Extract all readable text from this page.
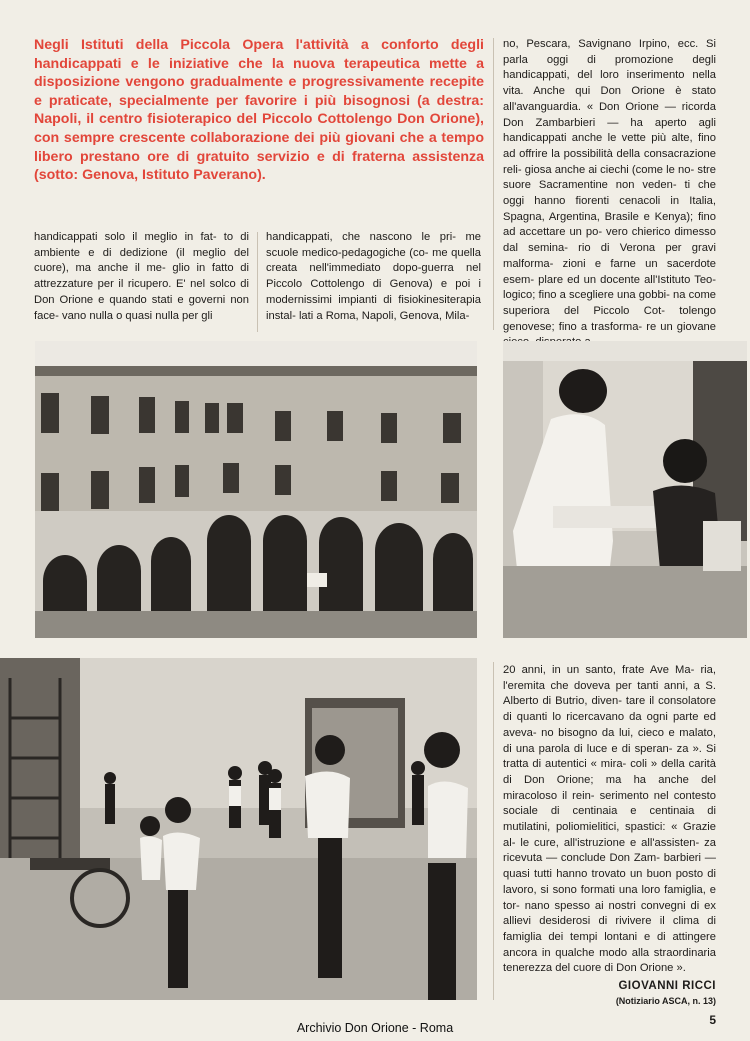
Negli Istituti della Piccola Opera l'attività a conforto degli handicappati e le iniziative che la nuova terapeutica mette a disposizione vengono gradualmente e progressivamente recepite e praticate, specialmente per favorire i più bisognosi (a destra: Napoli, il centro fisioterapico del Piccolo Cottolengo Don Orione), con sempre crescente collaborazione dei più giovani che a tempo libero prestano ore di gratuito servizio e di fraterna assistenza (sotto: Genova, Istituto Paverano).
handicappati solo il meglio in fat- to di ambiente e di dedizione (il meglio del cuore), ma anche il me- glio in fatto di attrezzature per il ricupero. E' nel solco di Don Orione e quando stati e governi non face- vano nulla o quasi nulla per gli
handicappati, che nascono le pri- me scuole medico-pedagogiche (co- me quella creata nell'immediato dopo-guerra nel Piccolo Cottolengo di Genova) e poi i modernissimi impianti di fisiokinesiterapia instal- lati a Roma, Napoli, Genova, Mila-
no, Pescara, Savignano Irpino, ecc. Si parla oggi di promozione degli handicappati, del loro inserimento nella vita. Anche qui Don Orione è stato all'avanguardia. « Don Orione — ricorda Don Zambarbieri — ha aperto agli handicappati anche le vette più alte, fino ad offrire la possibilità della consacrazione reli- giosa anche ai ciechi (come le no- stre suore Sacramentine non veden- ti che oggi hanno fiorenti cenacoli in Italia, Spagna, Argentina, Brasile e Kenya); fino ad accettare un po- vero chierico dimesso dal semina- rio di Verona per gravi malforma- zioni e farne un sacerdote esem- plare ed un docente all'Istituto Teo- logico; fino a scegliere una gobbi- na come superiora del Piccolo Cot- tolengo genovese; fino a trasforma- re un giovane
20 anni, in un santo, frate Ave Ma- ria, l'eremita che doveva per tanti anni, a S. Alberto di Butrio, diven- tare il consolatore di quanti lo ricercavano da ogni parte ed aveva- no bisogno da lui, cieco e malato, di una parola di luce e di speran- za ». Si tratta di autentici « mira- coli » della carità di Don Orione; ma ha anche del miracoloso il rein- serimento nel contesto sociale di centinaia e centinaia di mutilatini, poliomielitici, spastici: « Grazie al- le cure, all'istruzione e all'assisten- za ricevuta — conclude Don Zam- barbieri — quasi tutti hanno trovato un buon posto di lavoro, si sono formati una loro famiglia, e tor- nano spesso ai nostri convegni di ex allievi desiderosi di rivivere il clima di famiglia dei tempi lontani e di attingere ancora in qualche modo alla straordinaria tenerezza del cuore di Don Orione ».
GIOVANNI RICCI
(Notiziario ASCA, n. 13)
5
Archivio Don Orione - Roma
